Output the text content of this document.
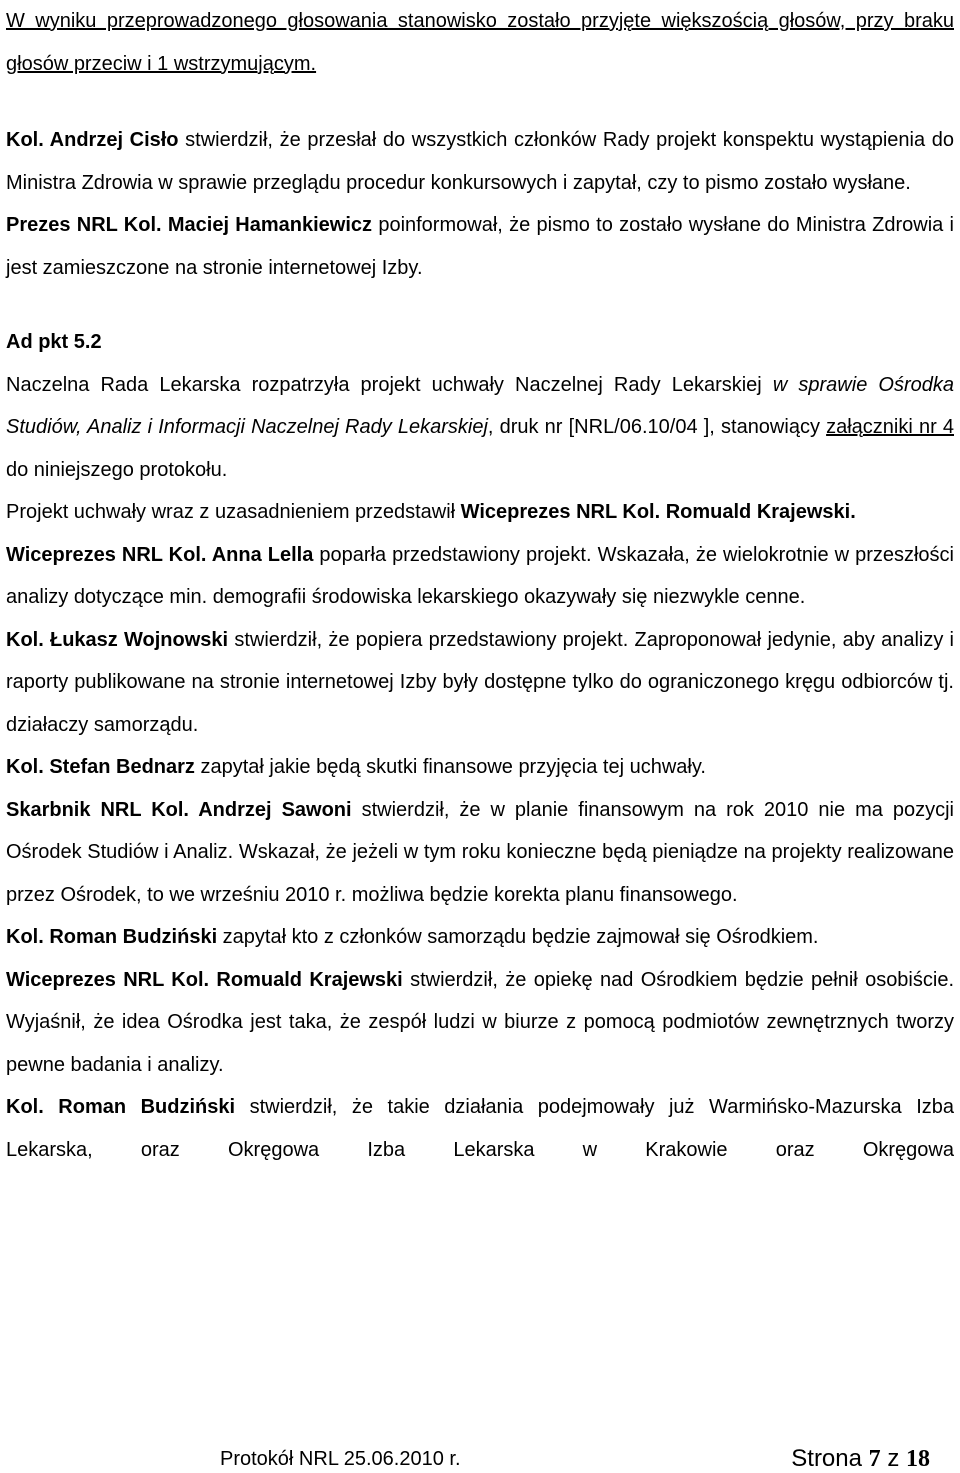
W wyniku przeprowadzonego głosowania stanowisko zostało przyjęte większością głosów, przy braku głosów przeciw i 1 wstrzymującym.

Kol. Andrzej Cisło stwierdził, że przesłał do wszystkich członków Rady projekt konspektu wystąpienia do Ministra Zdrowia w sprawie przeglądu procedur konkursowych i zapytał, czy to pismo zostało wysłane.

Prezes NRL Kol. Maciej Hamankiewicz poinformował, że pismo to zostało wysłane do Ministra Zdrowia i jest zamieszczone na stronie internetowej Izby.

Ad pkt 5.2

Naczelna Rada Lekarska rozpatrzyła projekt uchwały Naczelnej Rady Lekarskiej w sprawie Ośrodka Studiów, Analiz i Informacji Naczelnej Rady Lekarskiej, druk nr [NRL/06.10/04 ], stanowiący załączniki nr 4 do niniejszego protokołu.

Projekt uchwały wraz z uzasadnieniem przedstawił Wiceprezes NRL Kol. Romuald Krajewski.

Wiceprezes NRL Kol. Anna Lella poparła przedstawiony projekt. Wskazała, że wielokrotnie w przeszłości analizy dotyczące min. demografii środowiska lekarskiego okazywały się niezwykle cenne.

Kol. Łukasz Wojnowski stwierdził, że popiera przedstawiony projekt. Zaproponował jedynie, aby analizy i raporty publikowane na stronie internetowej Izby były dostępne tylko do ograniczonego kręgu odbiorców tj. działaczy samorządu.

Kol. Stefan Bednarz zapytał jakie będą skutki finansowe przyjęcia tej uchwały.

Skarbnik NRL Kol. Andrzej Sawoni stwierdził, że w planie finansowym na rok 2010 nie ma pozycji Ośrodek Studiów i Analiz. Wskazał, że jeżeli w tym roku konieczne będą pieniądze na projekty realizowane przez Ośrodek, to we wrześniu 2010 r. możliwa będzie korekta planu finansowego.

Kol. Roman Budziński zapytał kto z członków samorządu będzie zajmował się Ośrodkiem.

Wiceprezes NRL Kol. Romuald Krajewski stwierdził, że opiekę nad Ośrodkiem będzie pełnił osobiście. Wyjaśnił, że idea Ośrodka jest taka, że zespół ludzi w biurze z pomocą podmiotów zewnętrznych tworzy pewne badania i analizy.

Kol. Roman Budziński stwierdził, że takie działania podejmowały już Warmińsko-Mazurska Izba Lekarska, oraz Okręgowa Izba Lekarska w Krakowie oraz Okręgowa

Protokół NRL 25.06.2010 r.	Strona 7 z 18
